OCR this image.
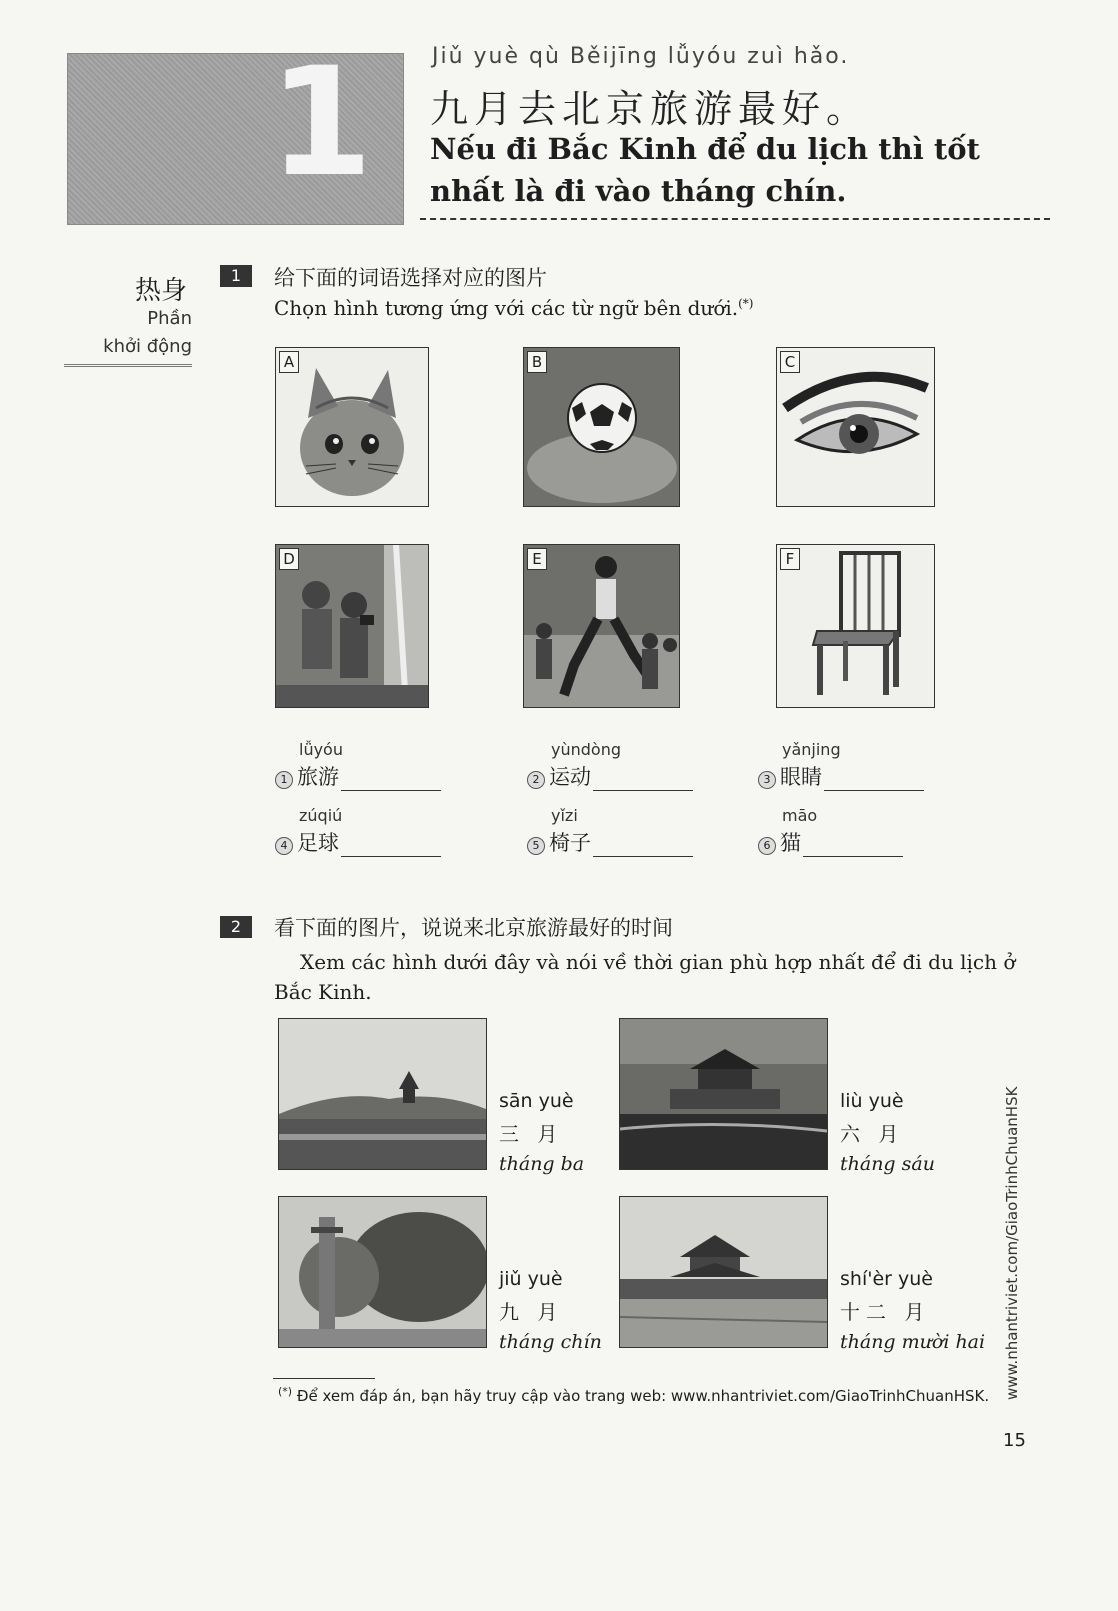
1	Jiǔ yuè qù Běijīng lǚyóu zuì hǎo.
九月去北京旅游最好。
Nếu đi Bắc Kinh để du lịch thì tốt nhất là đi vào tháng chín.
热身
Phần
khởi động
1	给下面的词语选择对应的图片
Chọn hình tương ứng với các từ ngữ bên dưới.(*)
A	B	C
D	E	F
lǚyóu
1 旅游
yùndòng
2 运动
yǎnjing
3 眼睛
zúqiú
4 足球
yǐzi
5 椅子
māo
6 猫
2	看下面的图片，说说来北京旅游最好的时间
Xem các hình dưới đây và nói về thời gian phù hợp nhất để đi du lịch ở
Bắc Kinh.
sān yuè
三 月
tháng ba
liù yuè
六 月
tháng sáu
jiǔ yuè
九 月
tháng chín
shí'èr yuè
十二 月
tháng mười hai
(*) Để xem đáp án, bạn hãy truy cập vào trang web: www.nhantriviet.com/GiaoTrinhChuanHSK. www.nhantriviet.com/GiaoTrinhChuanHSK
15
